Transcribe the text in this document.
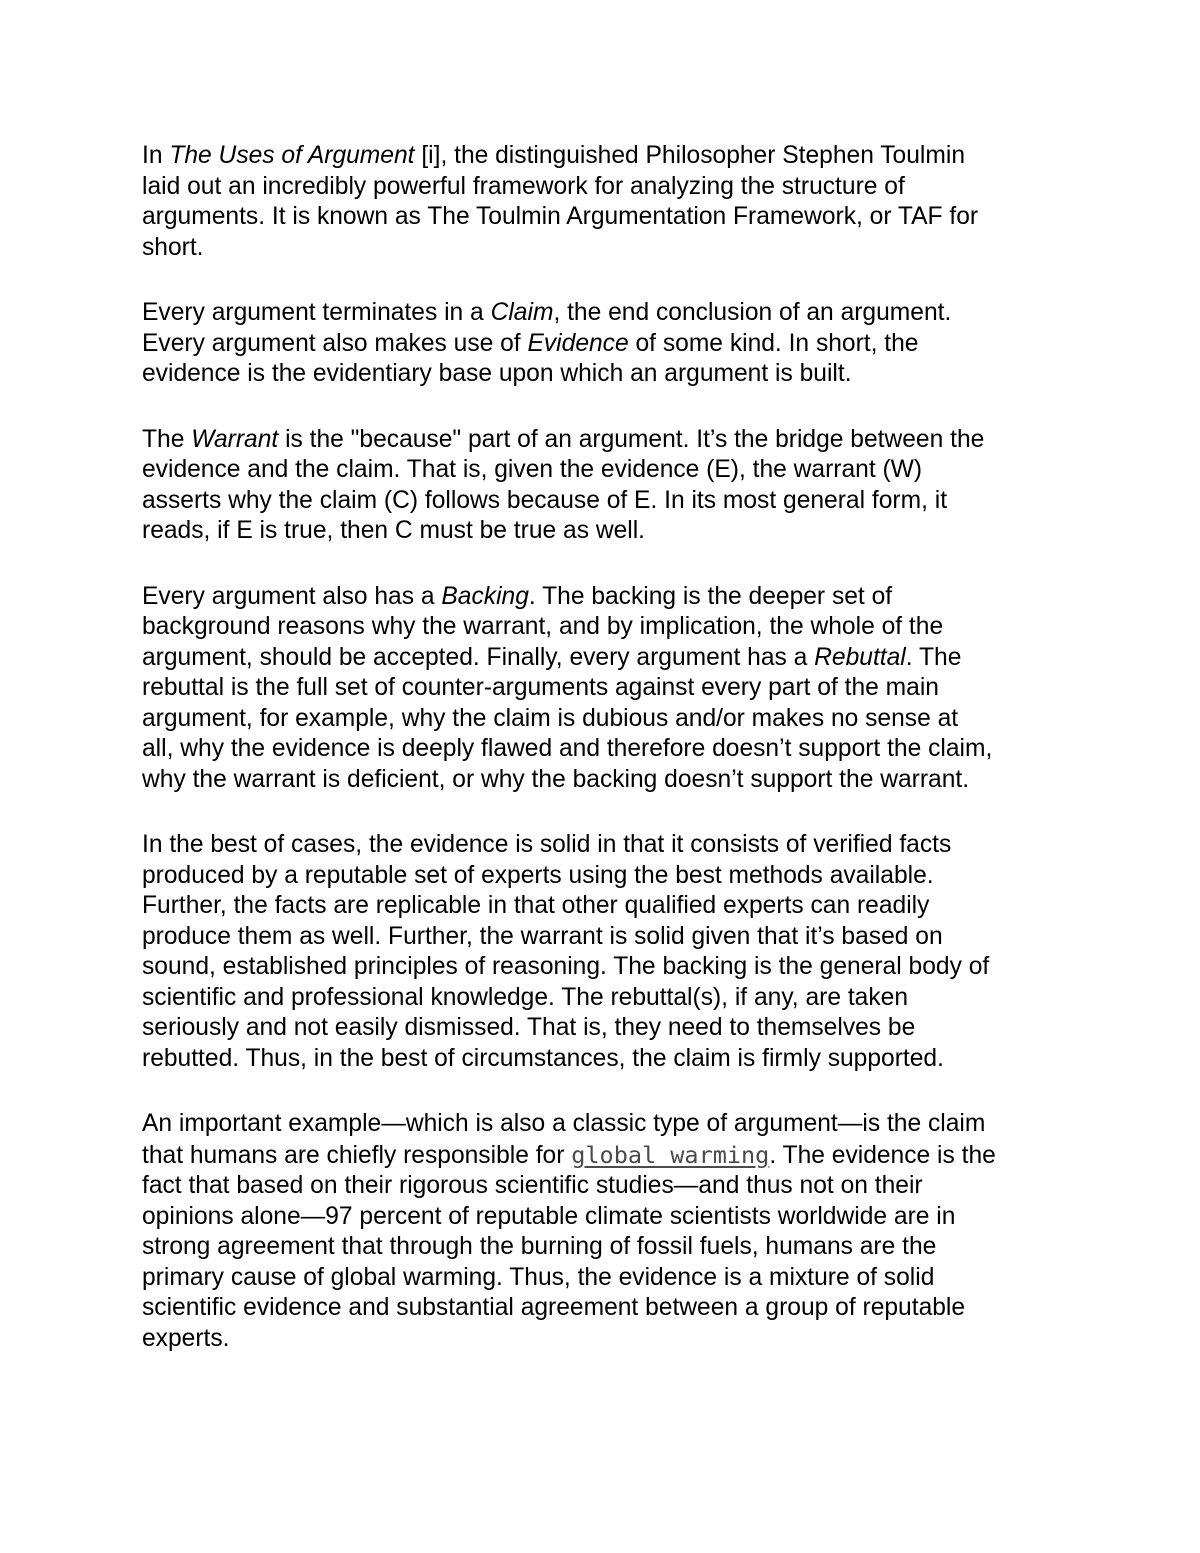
In The Uses of Argument [i], the distinguished Philosopher Stephen Toulmin
laid out an incredibly powerful framework for analyzing the structure of
arguments. It is known as The Toulmin Argumentation Framework, or TAF for
short.

Every argument terminates in a Claim, the end conclusion of an argument.
Every argument also makes use of Evidence of some kind. In short, the
evidence is the evidentiary base upon which an argument is built.

The Warrant is the "because" part of an argument. It’s the bridge between the
evidence and the claim. That is, given the evidence (E), the warrant (W)
asserts why the claim (C) follows because of E. In its most general form, it
reads, if E is true, then C must be true as well.

Every argument also has a Backing. The backing is the deeper set of
background reasons why the warrant, and by implication, the whole of the
argument, should be accepted. Finally, every argument has a Rebuttal. The
rebuttal is the full set of counter-arguments against every part of the main
argument, for example, why the claim is dubious and/or makes no sense at
all, why the evidence is deeply flawed and therefore doesn’t support the claim,
why the warrant is deficient, or why the backing doesn’t support the warrant.

In the best of cases, the evidence is solid in that it consists of verified facts
produced by a reputable set of experts using the best methods available.
Further, the facts are replicable in that other qualified experts can readily
produce them as well. Further, the warrant is solid given that it’s based on
sound, established principles of reasoning. The backing is the general body of
scientific and professional knowledge. The rebuttal(s), if any, are taken
seriously and not easily dismissed. That is, they need to themselves be
rebutted. Thus, in the best of circumstances, the claim is firmly supported.

An important example—which is also a classic type of argument—is the claim
that humans are chiefly responsible for global warming. The evidence is the
fact that based on their rigorous scientific studies—and thus not on their
opinions alone—97 percent of reputable climate scientists worldwide are in
strong agreement that through the burning of fossil fuels, humans are the
primary cause of global warming. Thus, the evidence is a mixture of solid
scientific evidence and substantial agreement between a group of reputable
experts.
